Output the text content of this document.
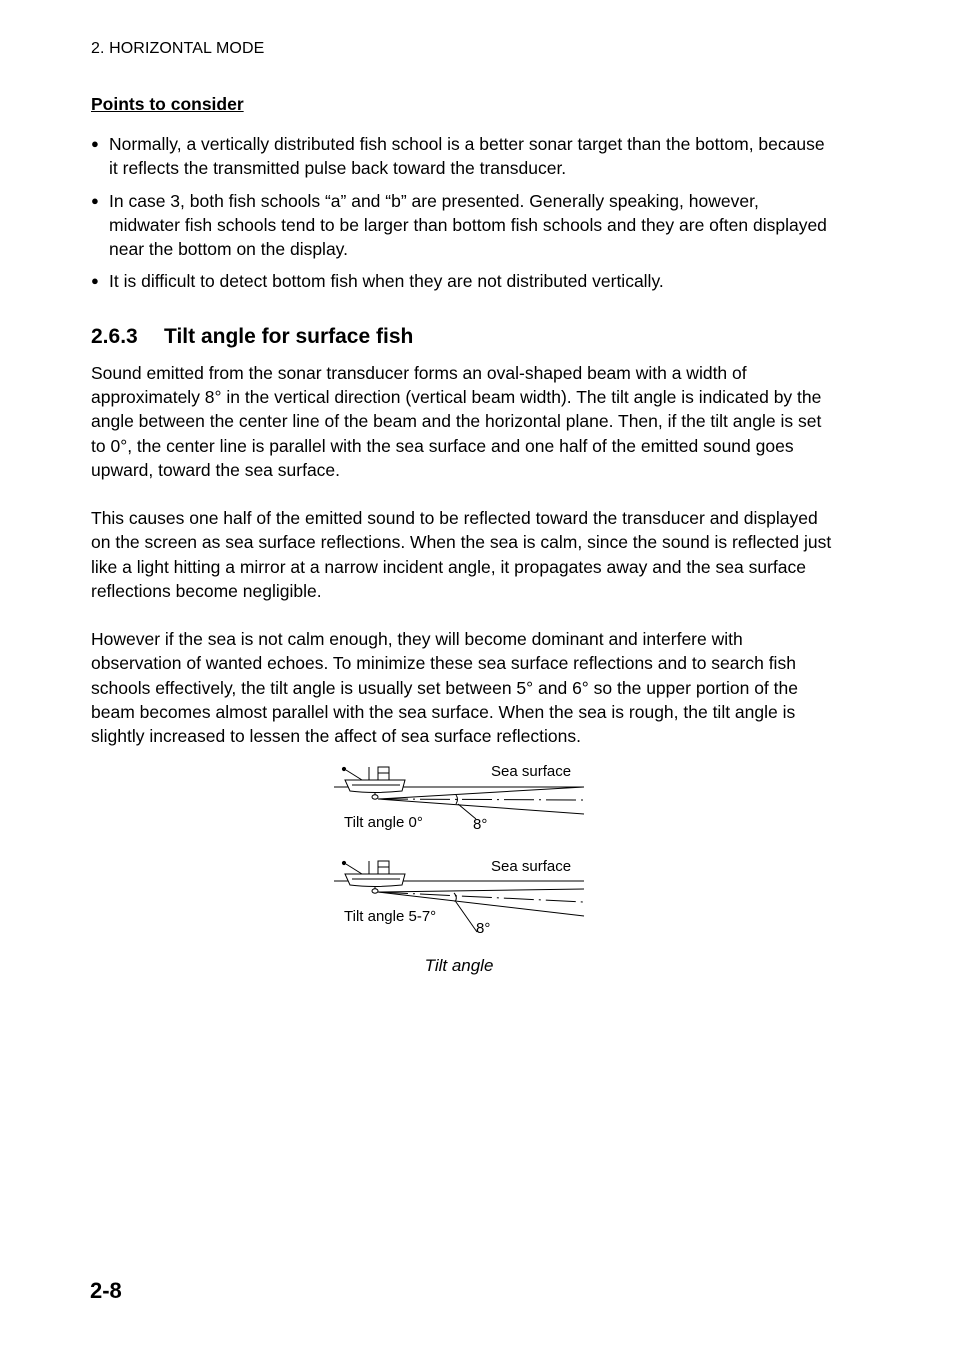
2. HORIZONTAL MODE
Points to consider
● Normally, a vertically distributed fish school is a better sonar target than the bottom, because it reflects the transmitted pulse back toward the transducer.
● In case 3, both fish schools “a” and “b” are presented. Generally speaking, however, midwater fish schools tend to be larger than bottom fish schools and they are often displayed near the bottom on the display.
● It is difficult to detect bottom fish when they are not distributed vertically.
2.6.3 Tilt angle for surface fish

Sound emitted from the sonar transducer forms an oval-shaped beam with a width of approximately 8° in the vertical direction (vertical beam width). The tilt angle is indicated by the angle between the center line of the beam and the horizontal plane. Then, if the tilt angle is set to 0°, the center line is parallel with the sea surface and one half of the emitted sound goes upward, toward the sea surface.

This causes one half of the emitted sound to be reflected toward the transducer and displayed on the screen as sea surface reflections. When the sea is calm, since the sound is reflected just like a light hitting a mirror at a narrow incident angle, it propagates away and the sea surface reflections become negligible.

However if the sea is not calm enough, they will become dominant and interfere with observation of wanted echoes. To minimize these sea surface reflections and to search fish schools effectively, the tilt angle is usually set between 5° and 6° so the upper portion of the beam becomes almost parallel with the sea surface. When the sea is rough, the tilt angle is slightly increased to lessen the affect of sea surface reflections.

Sea surface
Tilt angle 0°	8°
Sea surface
Tilt angle 5-7°
8°
Tilt angle
2-8
